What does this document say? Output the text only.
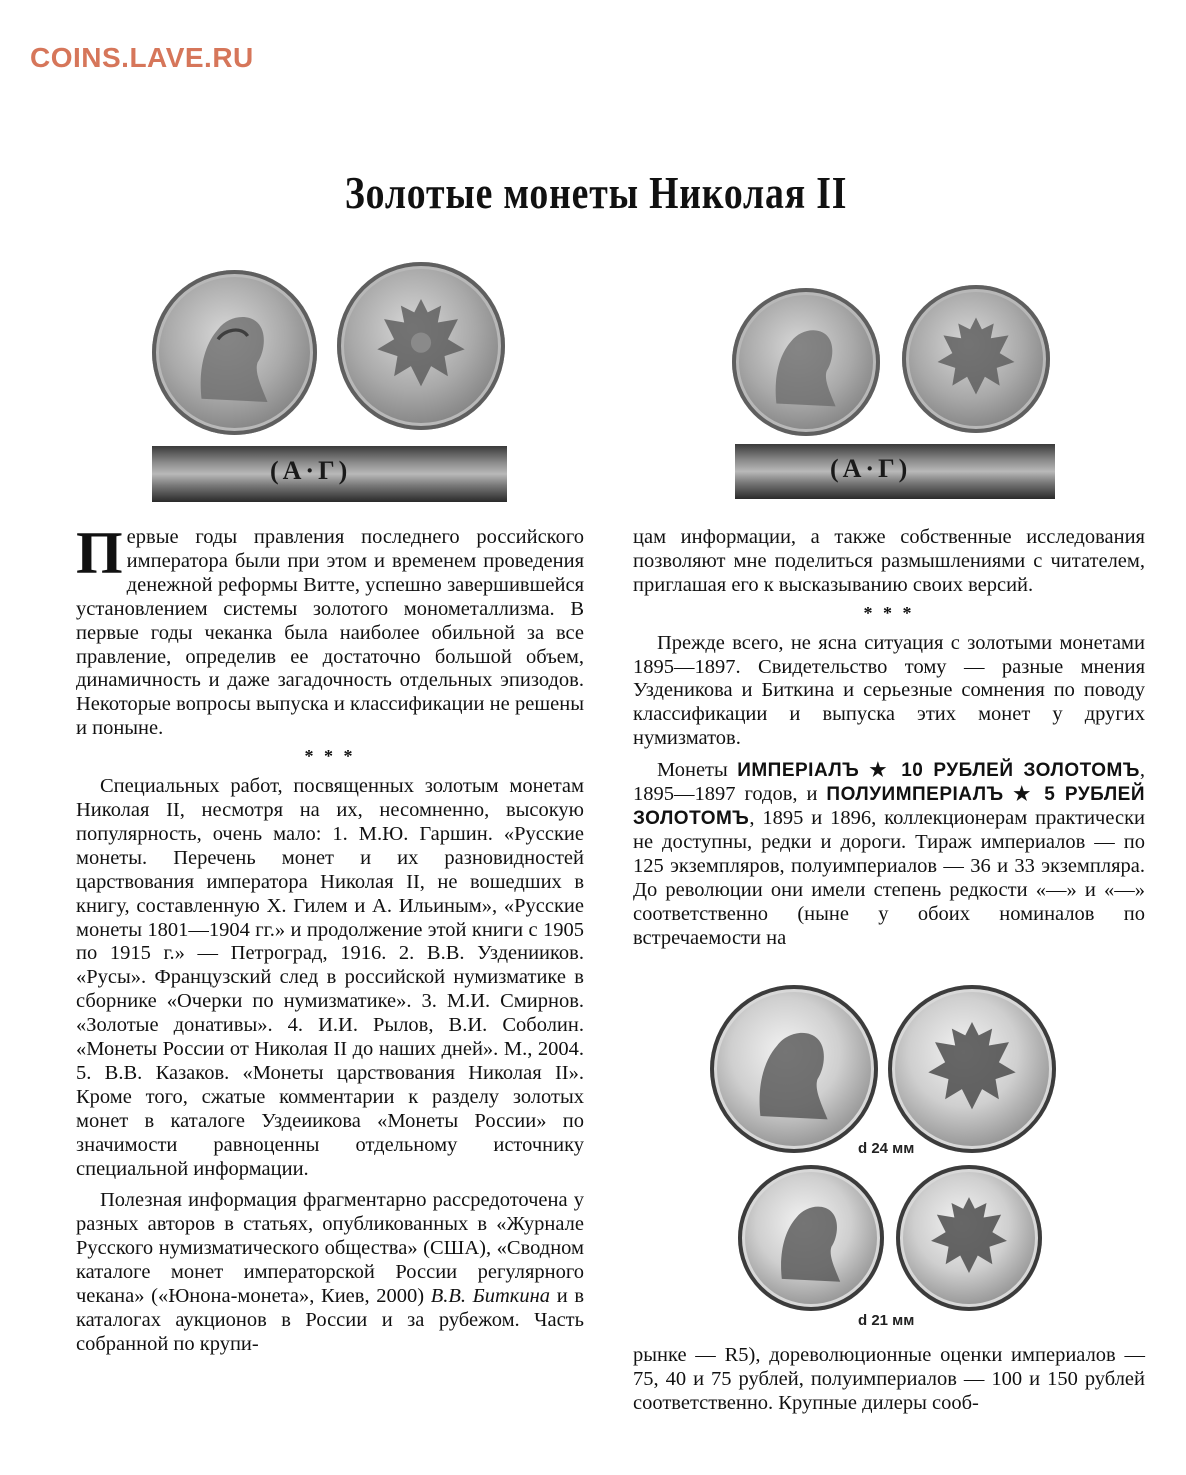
COINS.LAVE.RU
Золотые монеты Николая II
(А·Г)	(А·Г)

Первые годы правления последнего российского императора были при этом и временем проведения денежной реформы Витте, успешно завершившейся установлением системы золотого монометаллизма. В первые годы чеканка была наиболее обильной за все правление, определив ее достаточно большой объем, динамичность и даже загадочность отдельных эпизодов. Некоторые вопросы выпуска и классификации не решены и поныне.

* * *

Специальных работ, посвященных золотым монетам Николая II, несмотря на их, несомненно, высокую популярность, очень мало: 1. М.Ю. Гаршин. «Русские монеты. Перечень монет и их разновидностей царствования императора Николая II, не вошедших в книгу, составленную Х. Гилем и А. Ильиным», «Русские монеты 1801—1904 гг.» и продолжение этой книги с 1905 по 1915 г.» — Петроград, 1916. 2. В.В. Узденииков. «Русы». Французский след в российской нумизматике в сборнике «Очерки по нумизматике». 3. М.И. Смирнов. «Золотые донативы». 4. И.И. Рылов, В.И. Соболин. «Монеты России от Николая II до наших дней». М., 2004. 5. В.В. Казаков. «Монеты царствования Николая II». Кроме того, сжатые комментарии к разделу золотых монет в каталоге Уздеиикова «Монеты России» по значимости равноценны отдельному источнику специальной информации.

Полезная информация фрагментарно рассредоточена у разных авторов в статьях, опубликованных в «Журнале Русского нумизматического общества» (США), «Сводном каталоге монет императорской России регулярного чекана» («Юнона-монета», Киев, 2000) В.В. Биткина и в каталогах аукционов в России и за рубежом. Часть собранной по крупи-

цам информации, а также собственные исследования позволяют мне поделиться размышлениями с читателем, приглашая его к высказыванию своих версий.

* * *

Прежде всего, не ясна ситуация с золотыми монетами 1895—1897. Свидетельство тому — разные мнения Узденикова и Биткина и серьезные сомнения по поводу классификации и выпуска этих монет у других нумизматов.

Монеты ИМПЕРIАЛЪ ★ 10 РУБЛЕЙ ЗОЛОТОМЪ, 1895—1897 годов, и ПОЛУИМПЕРIАЛЪ ★ 5 РУБЛЕЙ ЗОЛОТОМЪ, 1895 и 1896, коллекционерам практически не доступны, редки и дороги. Тираж империалов — по 125 экземпляров, полуимпериалов — 36 и 33 экземпляра. До революции они имели степень редкости «—» и «—» соответственно (ныне у обоих номиналов по встречаемости на

d 24 мм
d 21 мм

рынке — R5), дореволюционные оценки империалов — 75, 40 и 75 рублей, полуимпериалов — 100 и 150 рублей соответственно. Крупные дилеры сооб-
